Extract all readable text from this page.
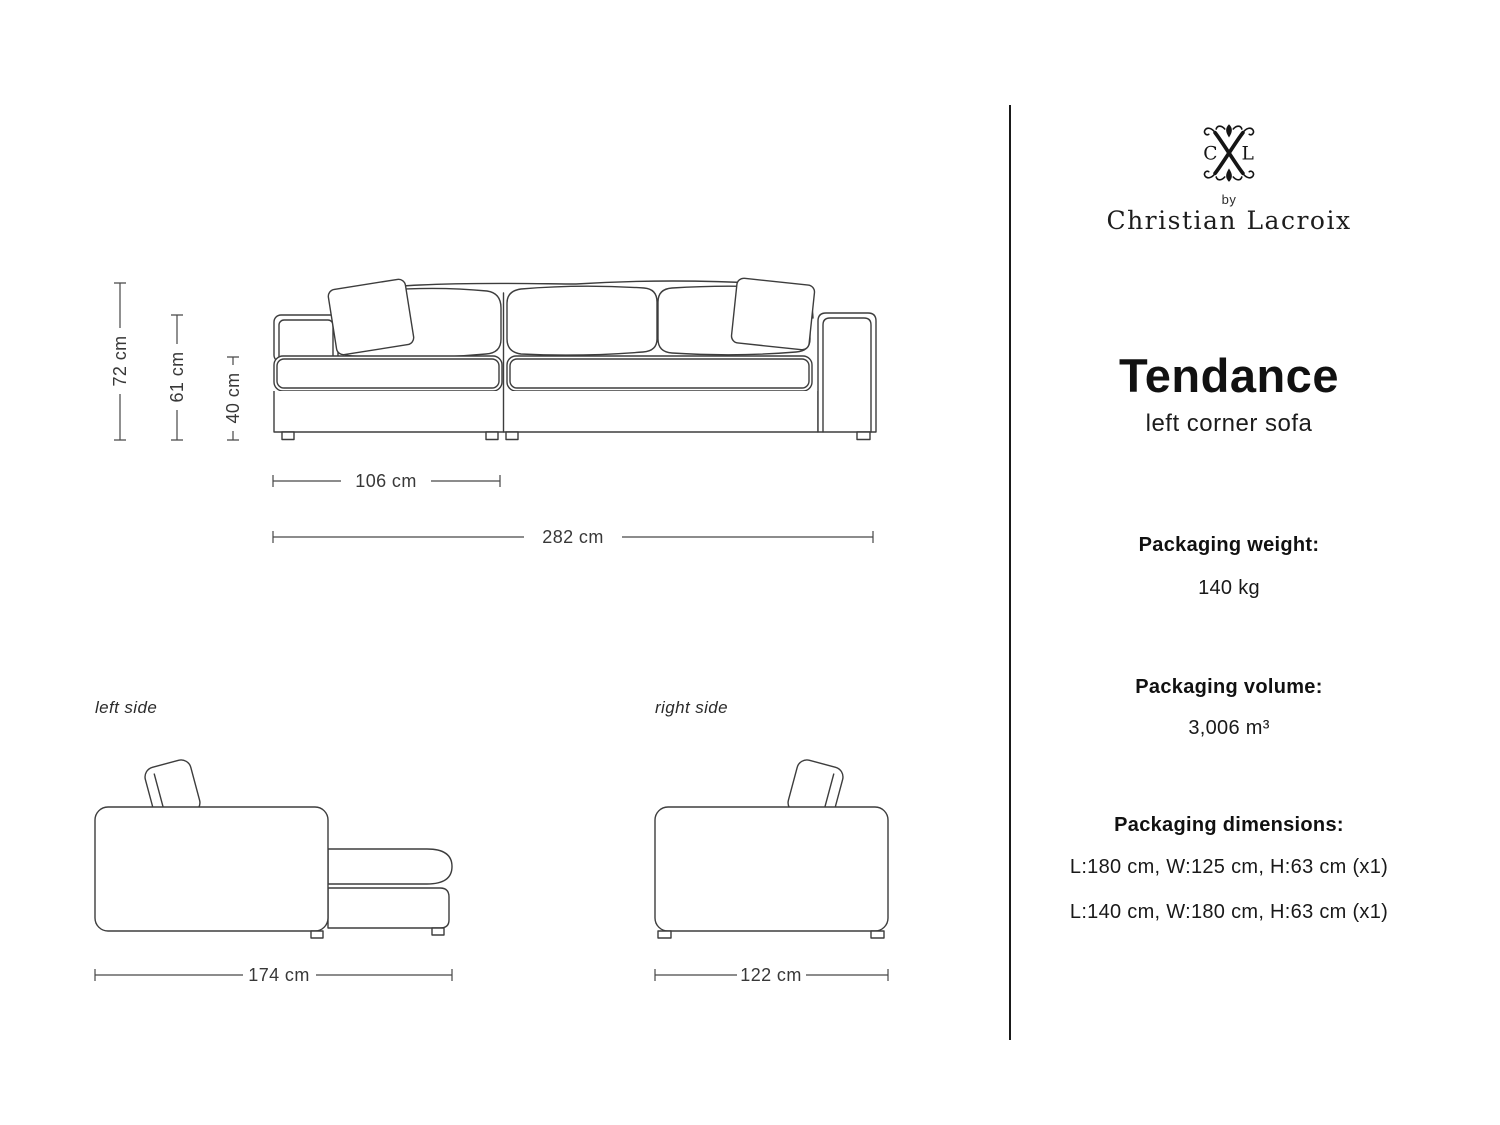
72 cm 61 cm 40 cm
106 cm
282 cm
left side
174 cm
right side
122 cm
C L
by
Christian Lacroix
Tendance
left corner sofa
Packaging weight:
140 kg
Packaging volume:
3,006 m³
Packaging dimensions:
L:180 cm, W:125 cm, H:63 cm (x1)
L:140 cm, W:180 cm, H:63 cm (x1)
